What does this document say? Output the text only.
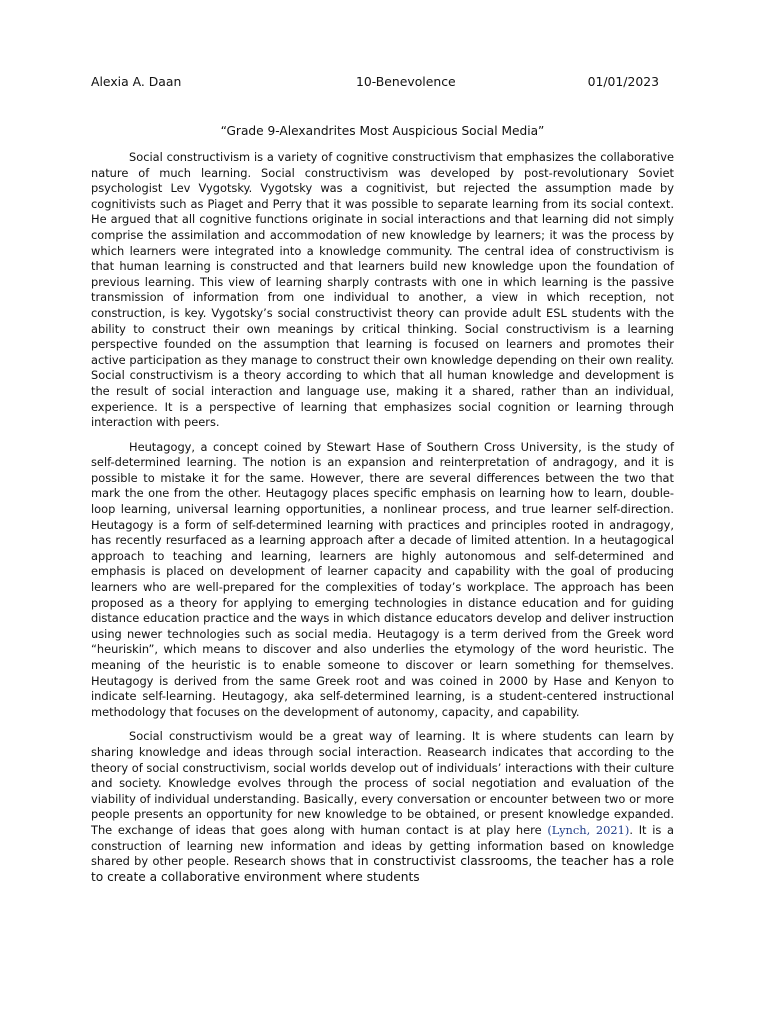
Alexia A. Daan	10-Benevolence	01/01/2023
“Grade 9-Alexandrites Most Auspicious Social Media”

Social constructivism is a variety of cognitive constructivism that emphasizes the collaborative nature of much learning. Social constructivism was developed by post-revolutionary Soviet psychologist Lev Vygotsky. Vygotsky was a cognitivist, but rejected the assumption made by cognitivists such as Piaget and Perry that it was possible to separate learning from its social context. He argued that all cognitive functions originate in social interactions and that learning did not simply comprise the assimilation and accommodation of new knowledge by learners; it was the process by which learners were integrated into a knowledge community. The central idea of constructivism is that human learning is constructed and that learners build new knowledge upon the foundation of previous learning. This view of learning sharply contrasts with one in which learning is the passive transmission of information from one individual to another, a view in which reception, not construction, is key. Vygotsky’s social constructivist theory can provide adult ESL students with the ability to construct their own meanings by critical thinking. Social constructivism is a learning perspective founded on the assumption that learning is focused on learners and promotes their active participation as they manage to construct their own knowledge depending on their own reality. Social constructivism is a theory according to which that all human knowledge and development is the result of social interaction and language use, making it a shared, rather than an individual, experience. It is a perspective of learning that emphasizes social cognition or learning through interaction with peers.

Heutagogy, a concept coined by Stewart Hase of Southern Cross University, is the study of self-determined learning. The notion is an expansion and reinterpretation of andragogy, and it is possible to mistake it for the same. However, there are several differences between the two that mark the one from the other. Heutagogy places specific emphasis on learning how to learn, double-loop learning, universal learning opportunities, a nonlinear process, and true learner self-direction. Heutagogy is a form of self-determined learning with practices and principles rooted in andragogy, has recently resurfaced as a learning approach after a decade of limited attention. In a heutagogical approach to teaching and learning, learners are highly autonomous and self-determined and emphasis is placed on development of learner capacity and capability with the goal of producing learners who are well-prepared for the complexities of today’s workplace. The approach has been proposed as a theory for applying to emerging technologies in distance education and for guiding distance education practice and the ways in which distance educators develop and deliver instruction using newer technologies such as social media. Heutagogy is a term derived from the Greek word “heuriskin”, which means to discover and also underlies the etymology of the word heuristic. The meaning of the heuristic is to enable someone to discover or learn something for themselves. Heutagogy is derived from the same Greek root and was coined in 2000 by Hase and Kenyon to indicate self-learning. Heutagogy, aka self-determined learning, is a student-centered instructional methodology that focuses on the development of autonomy, capacity, and capability.

Social constructivism would be a great way of learning. It is where students can learn by sharing knowledge and ideas through social interaction. Reasearch indicates that according to the theory of social constructivism, social worlds develop out of individuals’ interactions with their culture and society. Knowledge evolves through the process of social negotiation and evaluation of the viability of individual understanding. Basically, every conversation or encounter between two or more people presents an opportunity for new knowledge to be obtained, or present knowledge expanded. The exchange of ideas that goes along with human contact is at play here (Lynch, 2021). It is a construction of learning new information and ideas by getting information based on knowledge shared by other people. Research shows that in constructivist classrooms, the teacher has a role to create a collaborative environment where students
